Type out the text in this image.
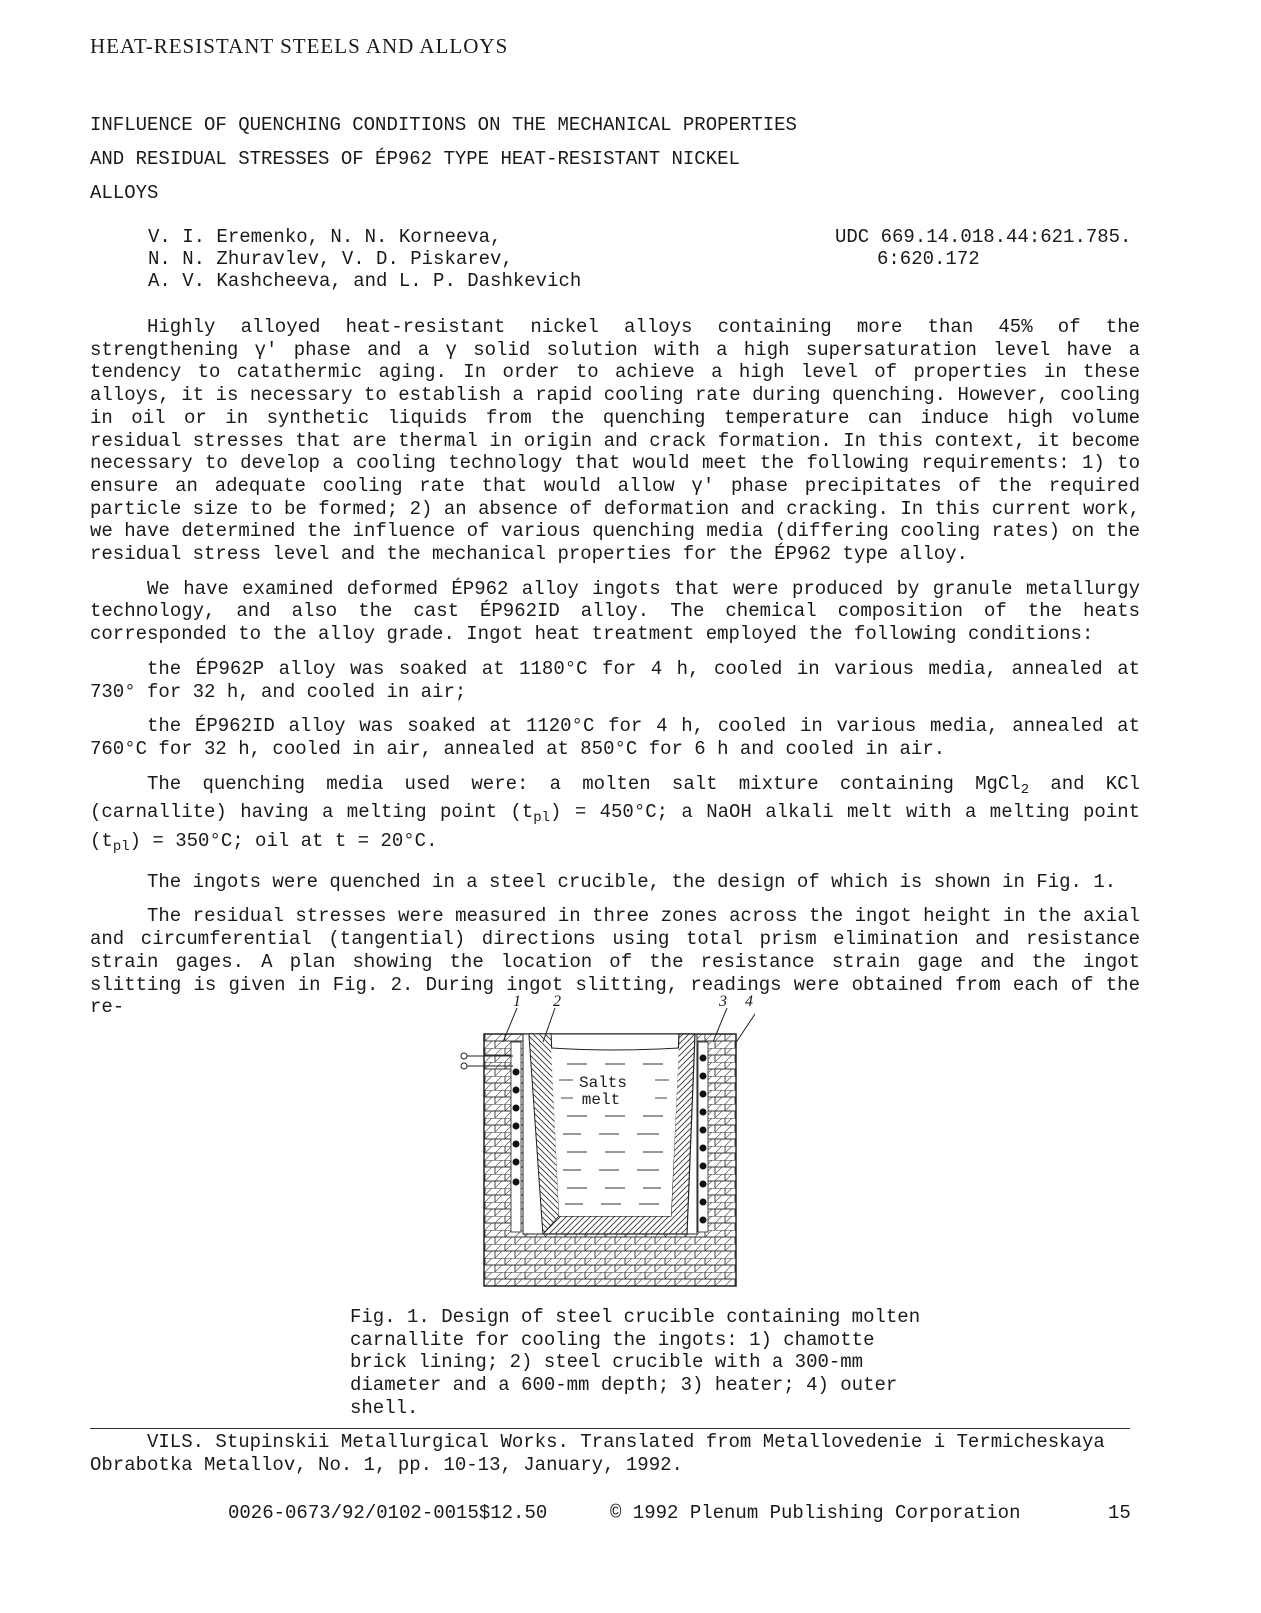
HEAT-RESISTANT STEELS AND ALLOYS
INFLUENCE OF QUENCHING CONDITIONS ON THE MECHANICAL PROPERTIES
AND RESIDUAL STRESSES OF ÉP962 TYPE HEAT-RESISTANT NICKEL
ALLOYS
V. I. Eremenko, N. N. Korneeva,
N. N. Zhuravlev, V. D. Piskarev,
A. V. Kashcheeva, and L. P. Dashkevich
UDC 669.14.018.44:621.785.
6:620.172

Highly alloyed heat-resistant nickel alloys containing more than 45% of the strengthening γ' phase and a γ solid solution with a high supersaturation level have a tendency to catathermic aging. In order to achieve a high level of properties in these alloys, it is necessary to establish a rapid cooling rate during quenching. However, cooling in oil or in synthetic liquids from the quenching temperature can induce high volume residual stresses that are thermal in origin and crack formation. In this context, it become necessary to develop a cooling technology that would meet the following requirements: 1) to ensure an adequate cooling rate that would allow γ' phase precipitates of the required particle size to be formed; 2) an absence of deformation and cracking. In this current work, we have determined the influence of various quenching media (differing cooling rates) on the residual stress level and the mechanical properties for the ÉP962 type alloy.

We have examined deformed ÉP962 alloy ingots that were produced by granule metallurgy technology, and also the cast ÉP962ID alloy. The chemical composition of the heats corresponded to the alloy grade. Ingot heat treatment employed the following conditions:

the ÉP962P alloy was soaked at 1180°C for 4 h, cooled in various media, annealed at 730° for 32 h, and cooled in air;

the ÉP962ID alloy was soaked at 1120°C for 4 h, cooled in various media, annealed at 760°C for 32 h, cooled in air, annealed at 850°C for 6 h and cooled in air.

The quenching media used were: a molten salt mixture containing MgCl$_2$ and KCl (carnallite) having a melting point $(t_{pl}) = 450^\circ C$; a NaOH alkali melt with a melting point $(t_{pl}) = 350^\circ C$; oil at t = 20°C.

The ingots were quenched in a steel crucible, the design of which is shown in Fig. 1.

The residual stresses were measured in three zones across the ingot height in the axial and circumferential (tangential) directions using total prism elimination and resistance strain gages. A plan showing the location of the resistance strain gage and the ingot slitting is given in Fig. 2. During ingot slitting, readings were obtained from each of the re-

Salts
melt
1 2	3 4
Fig. 1. Design of steel crucible containing molten
carnallite for cooling the ingots: 1) chamotte
brick lining; 2) steel crucible with a 300-mm
diameter and a 600-mm depth; 3) heater; 4) outer
shell.
VILS. Stupinskii Metallurgical Works. Translated from Metallovedenie i Termicheskaya
Obrabotka Metallov, No. 1, pp. 10-13, January, 1992.
0026-0673/92/0102-0015$12.50	© 1992 Plenum Publishing Corporation	15
